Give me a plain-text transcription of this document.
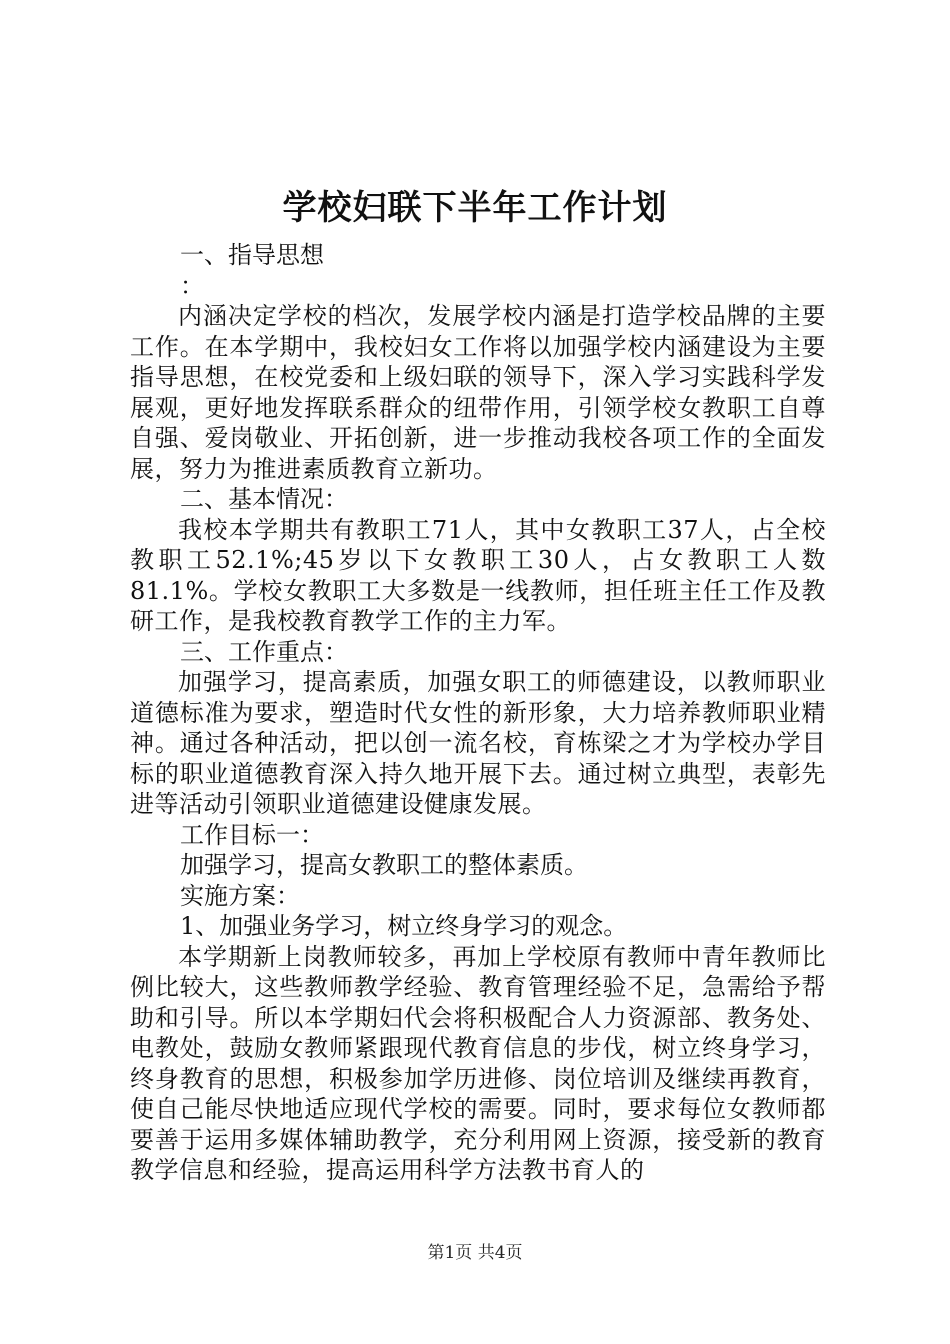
学校妇联下半年工作计划
一、指导思想
：
内涵决定学校的档次，发展学校内涵是打造学校品牌的主要工作。在本学期中，我校妇女工作将以加强学校内涵建设为主要指导思想，在校党委和上级妇联的领导下，深入学习实践科学发展观，更好地发挥联系群众的纽带作用，引领学校女教职工自尊自强、爱岗敬业、开拓创新，进一步推动我校各项工作的全面发展，努力为推进素质教育立新功。
二、基本情况：
我校本学期共有教职工71人，其中女教职工37人，占全校教职工52.1%;45岁以下女教职工30人，占女教职工人数81.1%。学校女教职工大多数是一线教师，担任班主任工作及教研工作，是我校教育教学工作的主力军。
三、工作重点：
加强学习，提高素质，加强女职工的师德建设，以教师职业道德标准为要求，塑造时代女性的新形象，大力培养教师职业精神。通过各种活动，把以创一流名校，育栋梁之才为学校办学目标的职业道德教育深入持久地开展下去。通过树立典型，表彰先进等活动引领职业道德建设健康发展。
工作目标一：
加强学习，提高女教职工的整体素质。
实施方案：
1、加强业务学习，树立终身学习的观念。
本学期新上岗教师较多，再加上学校原有教师中青年教师比例比较大，这些教师教学经验、教育管理经验不足，急需给予帮助和引导。所以本学期妇代会将积极配合人力资源部、教务处、电教处，鼓励女教师紧跟现代教育信息的步伐，树立终身学习，终身教育的思想，积极参加学历进修、岗位培训及继续再教育，使自己能尽快地适应现代学校的需要。同时，要求每位女教师都要善于运用多媒体辅助教学，充分利用网上资源，接受新的教育教学信息和经验，提高运用科学方法教书育人的
第1页 共4页
